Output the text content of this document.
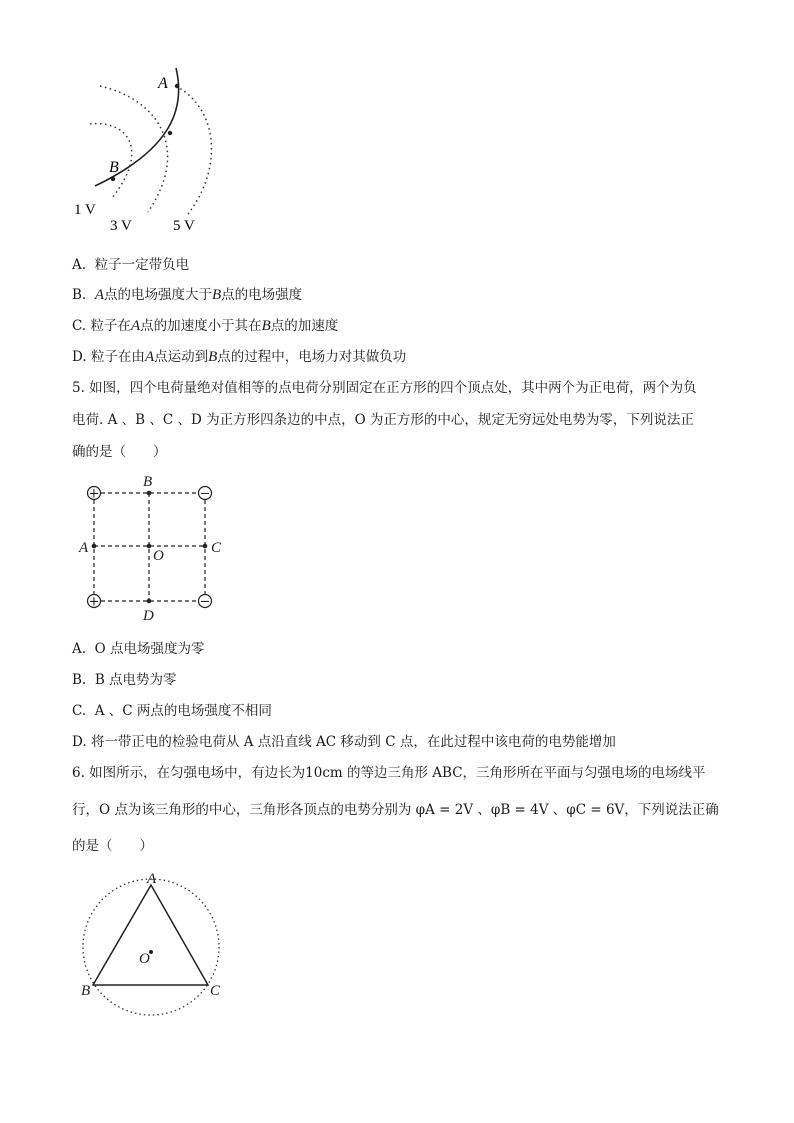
A
B
1 V
3 V	5 V
A. 粒子一定带负电
B. A点的电场强度大于B点的电场强度
C. 粒子在A点的加速度小于其在B点的加速度
D. 粒子在由A点运动到B点的过程中，电场力对其做负功
5. 如图，四个电荷量绝对值相等的点电荷分别固定在正方形的四个顶点处，其中两个为正电荷，两个为负
电荷. A 、B 、C 、D 为正方形四条边的中点，O 为正方形的中心，规定无穷远处电势为零，下列说法正
确的是（　　）
+	−
+	−
A
B
C
D
O
A. O 点电场强度为零
B. B 点电势为零
C. A 、C 两点的电场强度不相同
D. 将一带正电的检验电荷从 A 点沿直线 AC 移动到 C 点，在此过程中该电荷的电势能增加
6. 如图所示，在匀强电场中，有边长为10cm 的等边三角形 ABC，三角形所在平面与匀强电场的电场线平
行，O 点为该三角形的中心，三角形各顶点的电势分别为 φA = 2V 、φB = 4V 、φC = 6V，下列说法正确
的是（　　）
A
B	C
O
